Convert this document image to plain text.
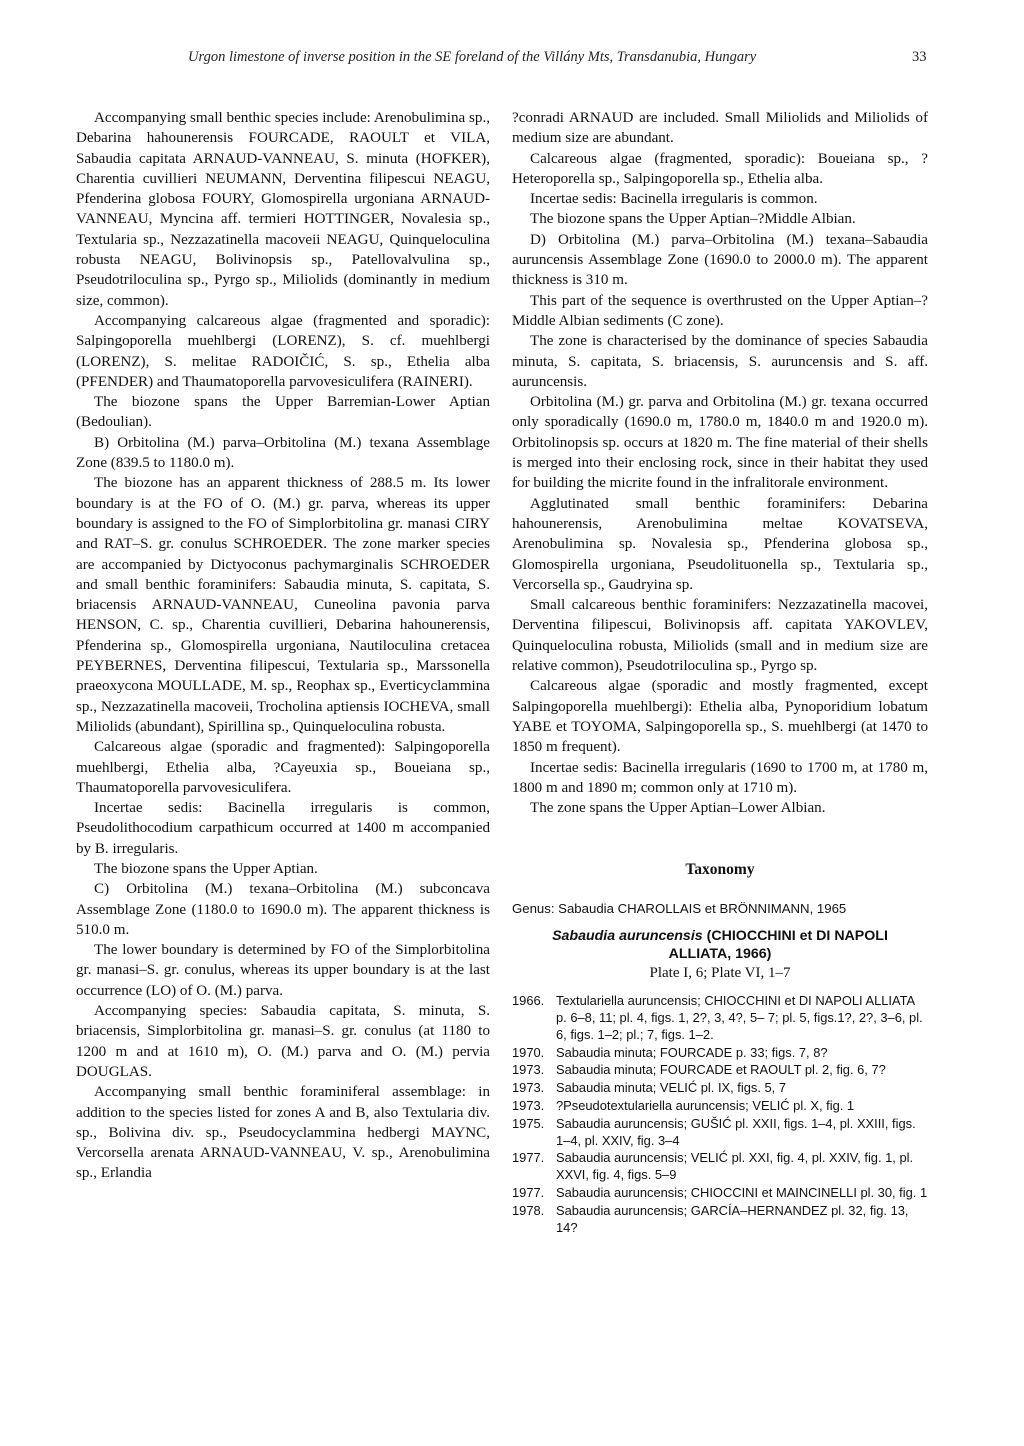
Urgon limestone of inverse position in the SE foreland of the Villány Mts, Transdanubia, Hungary	33

Accompanying small benthic species include: Arenobulimina sp., Debarina hahounerensis FOURCADE, RAOULT et VILA, Sabaudia capitata ARNAUD-VANNEAU, S. minuta (HOFKER), Charentia cuvillieri NEUMANN, Derventina filipescui NEAGU, Pfenderina globosa FOURY, Glomospirella urgoniana ARNAUD-VANNEAU, Myncina aff. termieri HOTTINGER, Novalesia sp., Textularia sp., Nezzazatinella macoveii NEAGU, Quinqueloculina robusta NEAGU, Bolivinopsis sp., Patellovalvulina sp., Pseudotriloculina sp., Pyrgo sp., Miliolids (dominantly in medium size, common).

Accompanying calcareous algae (fragmented and sporadic): Salpingoporella muehlbergi (LORENZ), S. cf. muehlbergi (LORENZ), S. melitae RADOIČIĆ, S. sp., Ethelia alba (PFENDER) and Thaumatoporella parvovesiculifera (RAINERI).

The biozone spans the Upper Barremian-Lower Aptian (Bedoulian).

B) Orbitolina (M.) parva–Orbitolina (M.) texana Assemblage Zone (839.5 to 1180.0 m).

The biozone has an apparent thickness of 288.5 m. Its lower boundary is at the FO of O. (M.) gr. parva, whereas its upper boundary is assigned to the FO of Simplorbitolina gr. manasi CIRY and RAT–S. gr. conulus SCHROEDER. The zone marker species are accompanied by Dictyoconus pachymarginalis SCHROEDER and small benthic foraminifers: Sabaudia minuta, S. capitata, S. briacensis ARNAUD-VANNEAU, Cuneolina pavonia parva HENSON, C. sp., Charentia cuvillieri, Debarina hahounerensis, Pfenderina sp., Glomospirella urgoniana, Nautiloculina cretacea PEYBERNES, Derventina filipescui, Textularia sp., Marssonella praeoxycona MOULLADE, M. sp., Reophax sp., Everticyclammina sp., Nezzazatinella macoveii, Trocholina aptiensis IOCHEVA, small Miliolids (abundant), Spirillina sp., Quinqueloculina robusta.

Calcareous algae (sporadic and fragmented): Salpingoporella muehlbergi, Ethelia alba, ?Cayeuxia sp., Boueiana sp., Thaumatoporella parvovesiculifera.

Incertae sedis: Bacinella irregularis is common, Pseudolithocodium carpathicum occurred at 1400 m accompanied by B. irregularis.

The biozone spans the Upper Aptian.

C) Orbitolina (M.) texana–Orbitolina (M.) subconcava Assemblage Zone (1180.0 to 1690.0 m). The apparent thickness is 510.0 m.

The lower boundary is determined by FO of the Simplorbitolina gr. manasi–S. gr. conulus, whereas its upper boundary is at the last occurrence (LO) of O. (M.) parva.

Accompanying species: Sabaudia capitata, S. minuta, S. briacensis, Simplorbitolina gr. manasi–S. gr. conulus (at 1180 to 1200 m and at 1610 m), O. (M.) parva and O. (M.) pervia DOUGLAS.

Accompanying small benthic foraminiferal assemblage: in addition to the species listed for zones A and B, also Textularia div. sp., Bolivina div. sp., Pseudocyclammina hedbergi MAYNC, Vercorsella arenata ARNAUD-VANNEAU, V. sp., Arenobulimina sp., Erlandia

?conradi ARNAUD are included. Small Miliolids and Miliolids of medium size are abundant.

Calcareous algae (fragmented, sporadic): Boueiana sp., ?Heteroporella sp., Salpingoporella sp., Ethelia alba.

Incertae sedis: Bacinella irregularis is common.

The biozone spans the Upper Aptian–?Middle Albian.

D) Orbitolina (M.) parva–Orbitolina (M.) texana–Sabaudia auruncensis Assemblage Zone (1690.0 to 2000.0 m). The apparent thickness is 310 m.

This part of the sequence is overthrusted on the Upper Aptian–?Middle Albian sediments (C zone).

The zone is characterised by the dominance of species Sabaudia minuta, S. capitata, S. briacensis, S. auruncensis and S. aff. auruncensis.

Orbitolina (M.) gr. parva and Orbitolina (M.) gr. texana occurred only sporadically (1690.0 m, 1780.0 m, 1840.0 m and 1920.0 m). Orbitolinopsis sp. occurs at 1820 m. The fine material of their shells is merged into their enclosing rock, since in their habitat they used for building the micrite found in the infralitorale environment.

Agglutinated small benthic foraminifers: Debarina hahounerensis, Arenobulimina meltae KOVATSEVA, Arenobulimina sp. Novalesia sp., Pfenderina globosa sp., Glomospirella urgoniana, Pseudolituonella sp., Textularia sp., Vercorsella sp., Gaudryina sp.

Small calcareous benthic foraminifers: Nezzazatinella macovei, Derventina filipescui, Bolivinopsis aff. capitata YAKOVLEV, Quinqueloculina robusta, Miliolids (small and in medium size are relative common), Pseudotriloculina sp., Pyrgo sp.

Calcareous algae (sporadic and mostly fragmented, except Salpingoporella muehlbergi): Ethelia alba, Pynoporidium lobatum YABE et TOYOMA, Salpingoporella sp., S. muehlbergi (at 1470 to 1850 m frequent).

Incertae sedis: Bacinella irregularis (1690 to 1700 m, at 1780 m, 1800 m and 1890 m; common only at 1710 m).

The zone spans the Upper Aptian–Lower Albian.

Taxonomy

Genus: Sabaudia CHAROLLAIS et BRÖNNIMANN, 1965

Sabaudia auruncensis (CHIOCCHINI et DI NAPOLI
ALLIATA, 1966)
Plate I, 6; Plate VI, 1–7
1966. Textulariella auruncensis; CHIOCCHINI et DI NAPOLI ALLIATA p. 6–8, 11; pl. 4, figs. 1, 2?, 3, 4?, 5– 7; pl. 5, figs.1?, 2?, 3–6, pl. 6, figs. 1–2; pl.; 7, figs. 1–2.
1970. Sabaudia minuta; FOURCADE p. 33; figs. 7, 8?
1973. Sabaudia minuta; FOURCADE et RAOULT pl. 2, fig. 6, 7?
1973. Sabaudia minuta; VELIĆ pl. IX, figs. 5, 7
1973. ?Pseudotextulariella auruncensis; VELIĆ pl. X, fig. 1
1975. Sabaudia auruncensis; GUŠIĆ pl. XXII, figs. 1–4, pl. XXIII, figs. 1–4, pl. XXIV, fig. 3–4
1977. Sabaudia auruncensis; VELIĆ pl. XXI, fig. 4, pl. XXIV, fig. 1, pl. XXVI, fig. 4, figs. 5–9
1977. Sabaudia auruncensis; CHIOCCINI et MAINCINELLI pl. 30, fig. 1
1978. Sabaudia auruncensis; GARCÍA–HERNANDEZ pl. 32, fig. 13, 14?
